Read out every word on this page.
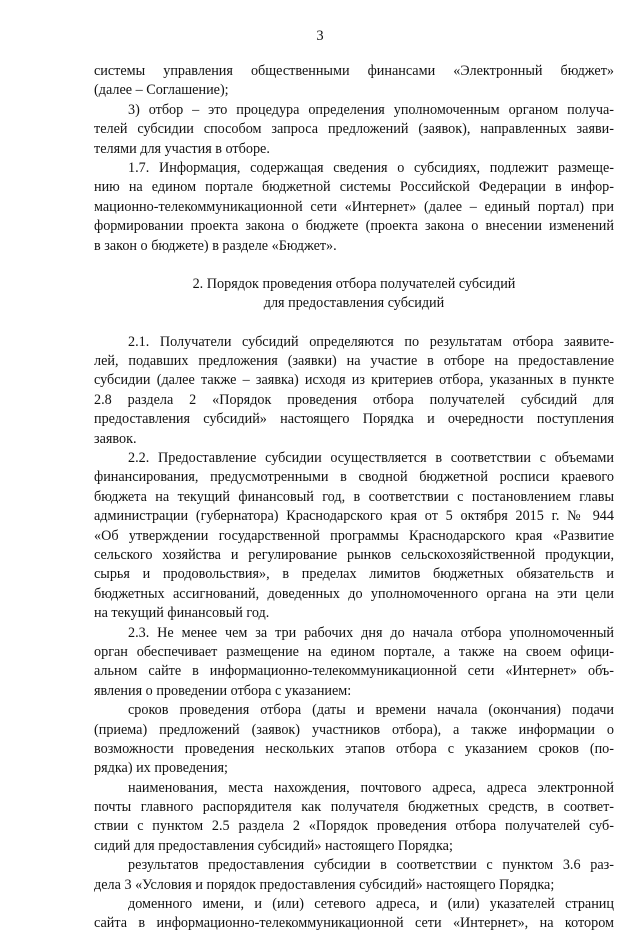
3
системы управления общественными финансами «Электронный бюджет»
(далее – Соглашение);
3) отбор – это процедура определения уполномоченным органом получа-
телей субсидии способом запроса предложений (заявок), направленных заяви-
телями для участия в отборе.
1.7. Информация, содержащая сведения о субсидиях, подлежит размеще-
нию на едином портале бюджетной системы Российской Федерации в инфор-
мационно-телекоммуникационной сети «Интернет» (далее – единый портал) при
формировании проекта закона о бюджете (проекта закона о внесении изменений
в закон о бюджете) в разделе «Бюджет».
2. Порядок проведения отбора получателей субсидий
для предоставления субсидий
2.1. Получатели субсидий определяются по результатам отбора заявите-
лей, подавших предложения (заявки) на участие в отборе на предоставление
субсидии (далее также – заявка) исходя из критериев отбора, указанных в пункте
2.8 раздела 2 «Порядок проведения отбора получателей субсидий для
предоставления субсидий» настоящего Порядка и очередности поступления
заявок.
2.2. Предоставление субсидии осуществляется в соответствии с объемами
финансирования, предусмотренными в сводной бюджетной росписи краевого
бюджета на текущий финансовый год, в соответствии с постановлением главы
администрации (губернатора) Краснодарского края от 5 октября 2015 г. № 944
«Об утверждении государственной программы Краснодарского края «Развитие
сельского хозяйства и регулирование рынков сельскохозяйственной продукции,
сырья и продовольствия», в пределах лимитов бюджетных обязательств и
бюджетных ассигнований, доведенных до уполномоченного органа на эти цели
на текущий финансовый год.
2.3. Не менее чем за три рабочих дня до начала отбора уполномоченный
орган обеспечивает размещение на едином портале, а также на своем офици-
альном сайте в информационно-телекоммуникационной сети «Интернет» объ-
явления о проведении отбора с указанием:
сроков проведения отбора (даты и времени начала (окончания) подачи
(приема) предложений (заявок) участников отбора), а также информации о
возможности проведения нескольких этапов отбора с указанием сроков (по-
рядка) их проведения;
наименования, места нахождения, почтового адреса, адреса электронной
почты главного распорядителя как получателя бюджетных средств, в соответ-
ствии с пунктом 2.5 раздела 2 «Порядок проведения отбора получателей суб-
сидий для предоставления субсидий» настоящего Порядка;
результатов предоставления субсидии в соответствии с пунктом 3.6 раз-
дела 3 «Условия и порядок предоставления субсидий» настоящего Порядка;
доменного имени, и (или) сетевого адреса, и (или) указателей страниц
сайта в информационно-телекоммуникационной сети «Интернет», на котором
